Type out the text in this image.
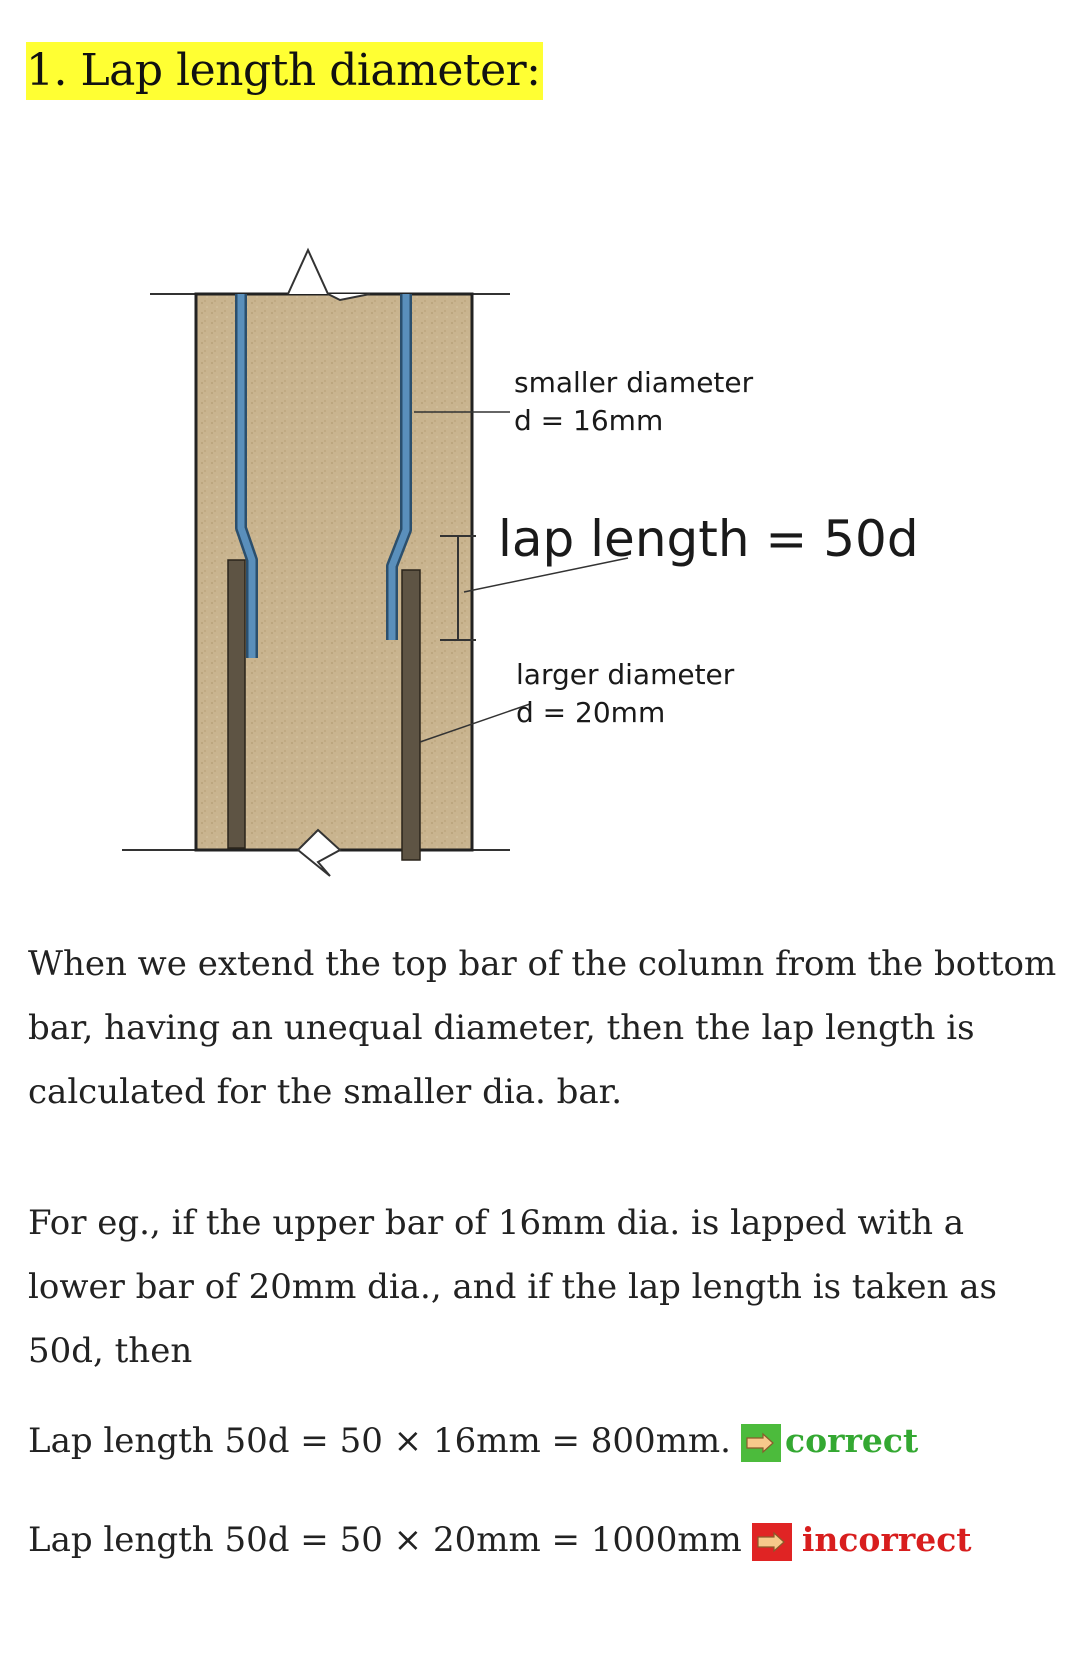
1. Lap length diameter:
smaller diameter
d = 16mm
lap length = 50d
larger diameter
d = 20mm

When we extend the top bar of the column from the bottom bar, having an unequal diameter, then the lap length is calculated for the smaller dia. bar.

For eg., if the upper bar of 16mm dia. is lapped with a lower bar of 20mm dia., and if the lap length is taken as 50d, then

Lap length 50d = 50 × 16mm = 800mm. correct
Lap length 50d = 50 × 20mm = 1000mm incorrect
